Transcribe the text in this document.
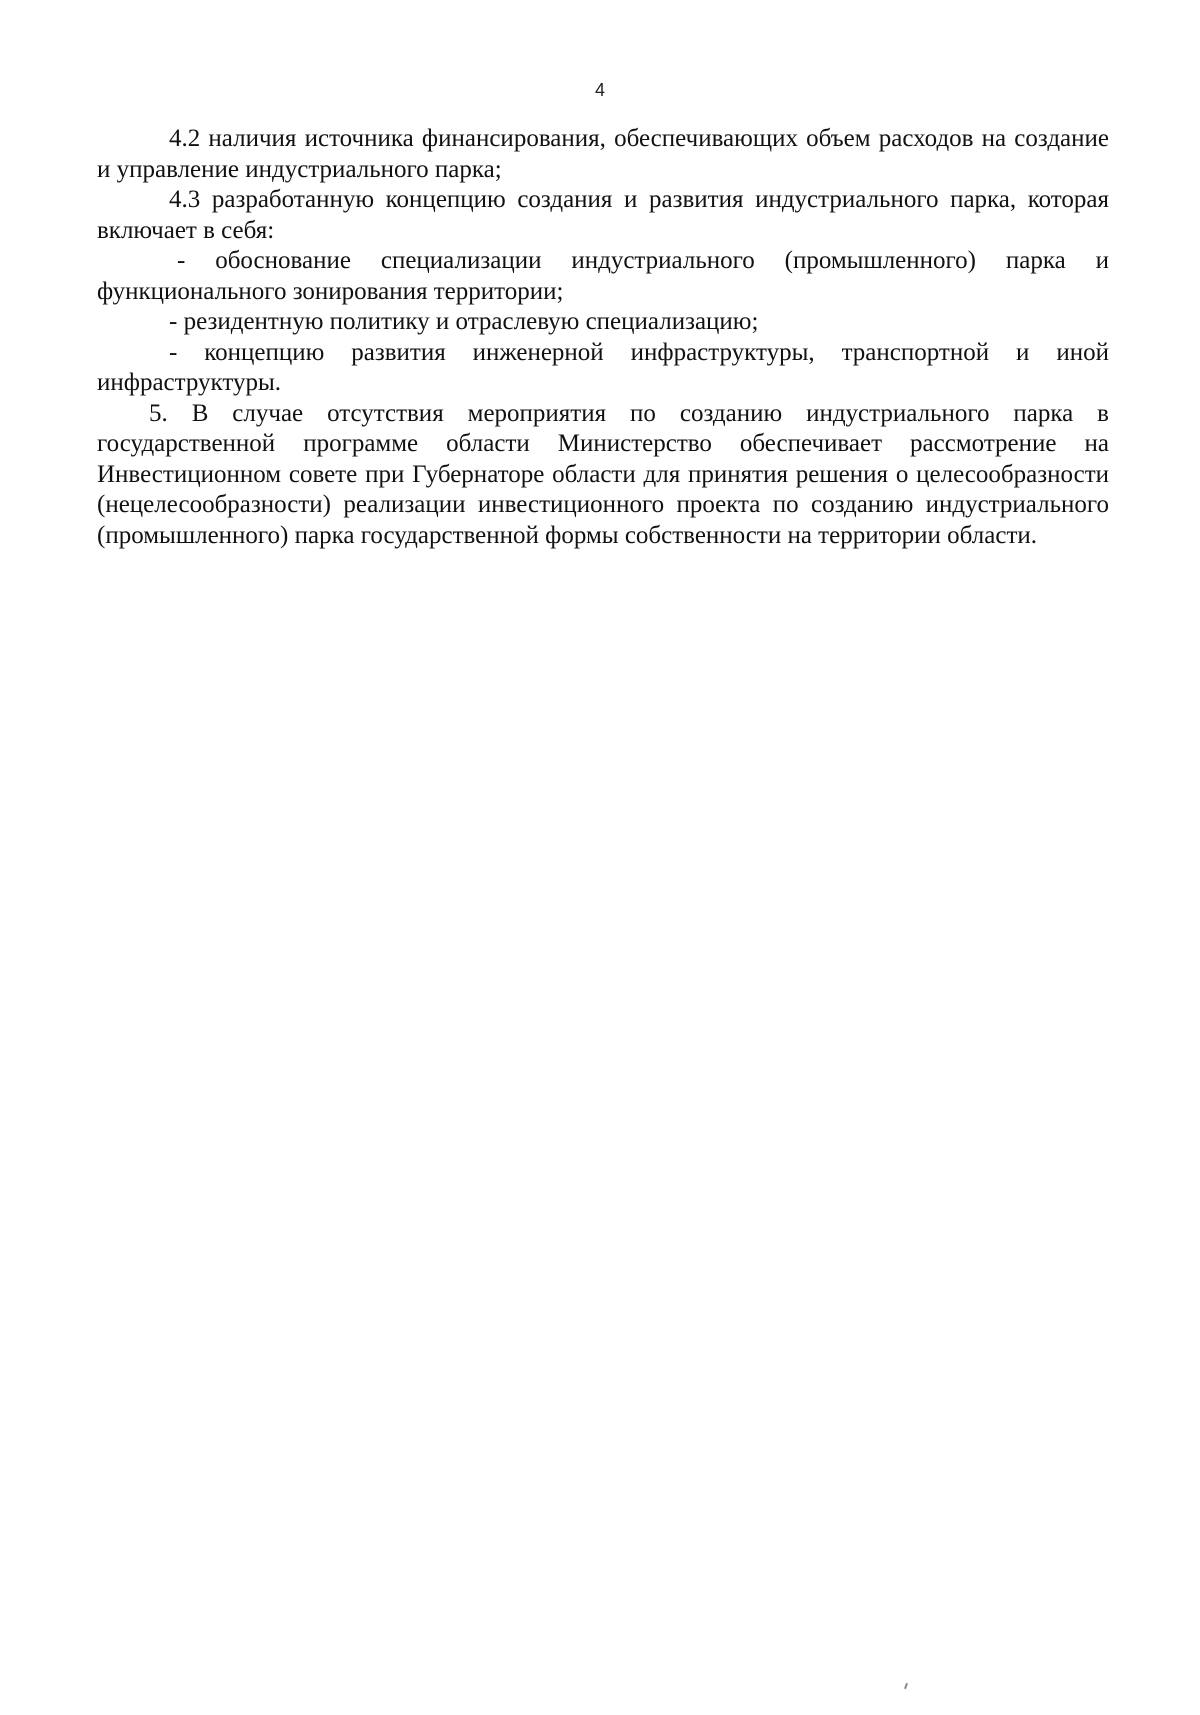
4

4.2 наличия источника финансирования, обеспечивающих объем расходов на создание и управление индустриального парка;

4.3 разработанную концепцию создания и развития индустриального парка, которая включает в себя:

- обоснование специализации индустриального (промышленного) парка и функционального зонирования территории;

- резидентную политику и отраслевую специализацию;

- концепцию развития инженерной инфраструктуры, транспортной и иной инфраструктуры.

5. В случае отсутствия мероприятия по созданию индустриального парка в государственной программе области Министерство обеспечивает рассмотрение на Инвестиционном совете при Губернаторе области для принятия решения о целесообразности (нецелесообразности) реализации инвестиционного проекта по созданию индустриального (промышленного) парка государственной формы собственности на территории области.
